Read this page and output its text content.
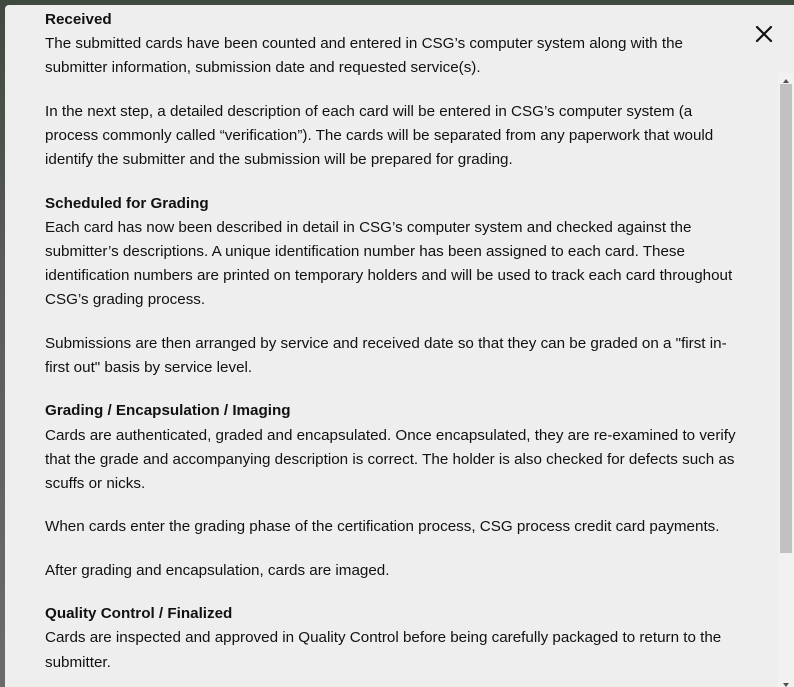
Received

The submitted cards have been counted and entered in CSG’s computer system along with the submitter information, submission date and requested service(s).

In the next step, a detailed description of each card will be entered in CSG’s computer system (a process commonly called “verification”). The cards will be separated from any paperwork that would identify the submitter and the submission will be prepared for grading.

Scheduled for Grading

Each card has now been described in detail in CSG’s computer system and checked against the submitter’s descriptions. A unique identification number has been assigned to each card. These identification numbers are printed on temporary holders and will be used to track each card throughout CSG’s grading process.

Submissions are then arranged by service and received date so that they can be graded on a "first in-first out" basis by service level.

Grading / Encapsulation / Imaging

Cards are authenticated, graded and encapsulated. Once encapsulated, they are re-examined to verify that the grade and accompanying description is correct. The holder is also checked for defects such as scuffs or nicks.

When cards enter the grading phase of the certification process, CSG process credit card payments.

After grading and encapsulation, cards are imaged.

Quality Control / Finalized

Cards are inspected and approved in Quality Control before being carefully packaged to return to the submitter.
